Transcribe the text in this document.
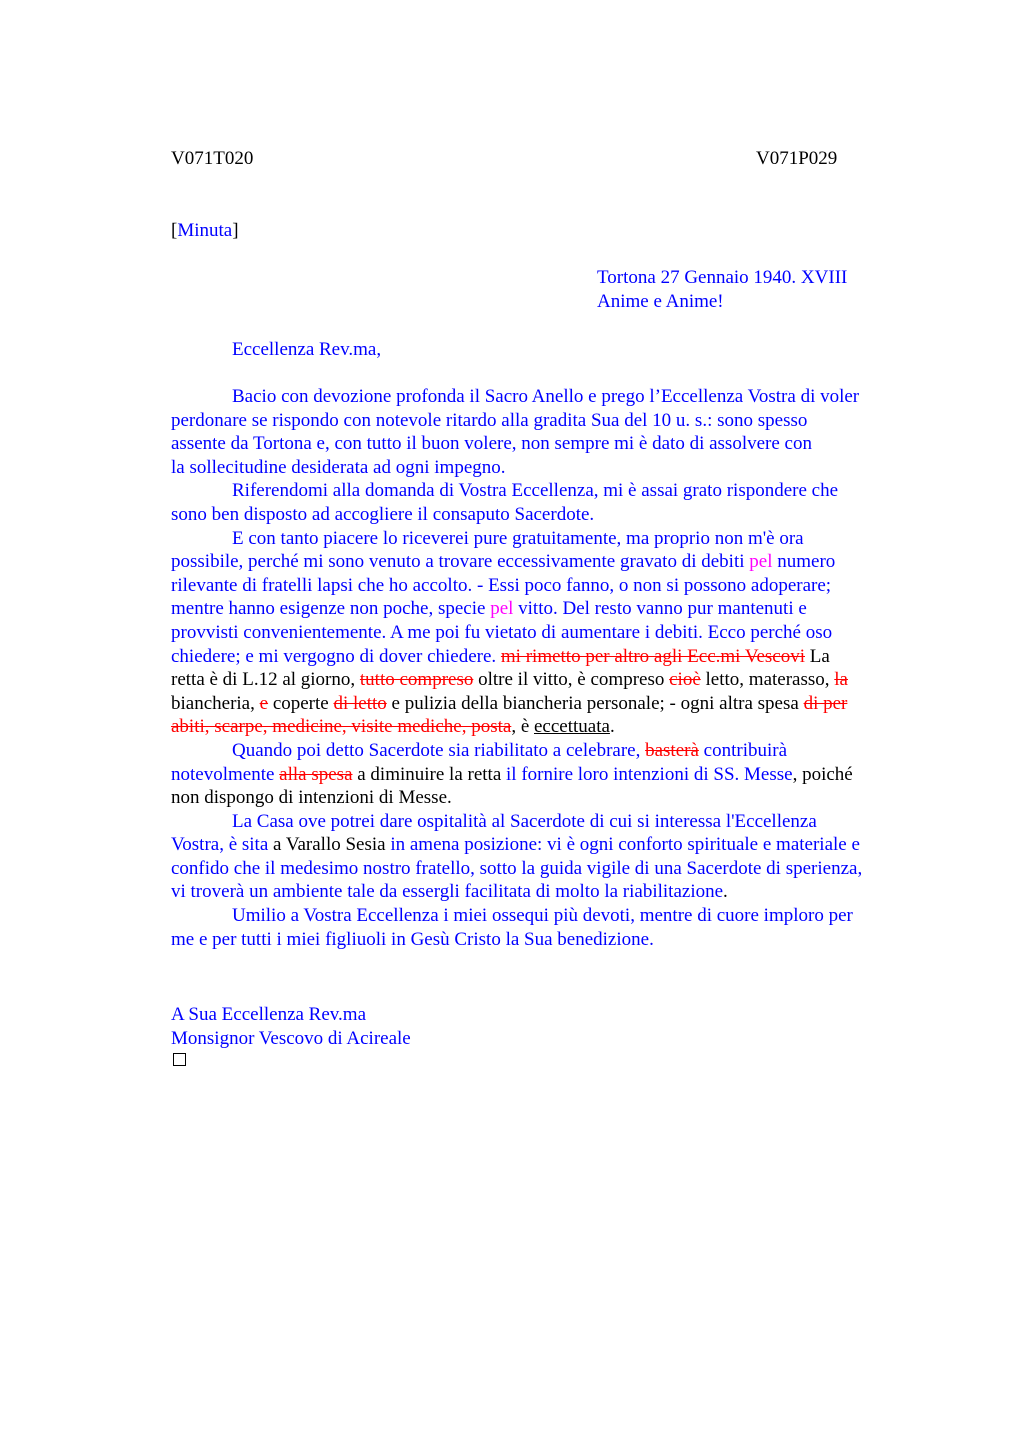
V071T020	V071P029
[Minuta]
Tortona 27 Gennaio 1940. XVIII
Anime e Anime!
Eccellenza Rev.ma,
Bacio con devozione profonda il Sacro Anello e prego l’Eccellenza Vostra di voler
perdonare se rispondo con notevole ritardo alla gradita Sua del 10 u. s.: sono spesso
assente da Tortona e, con tutto il buon volere, non sempre mi è dato di assolvere con
la sollecitudine desiderata ad ogni impegno.
Riferendomi alla domanda di Vostra Eccellenza, mi è assai grato rispondere che
sono ben disposto ad accogliere il consaputo Sacerdote.
E con tanto piacere lo riceverei pure gratuitamente, ma proprio non m'è ora
possibile, perché mi sono venuto a trovare eccessivamente gravato di debiti pel numero
rilevante di fratelli lapsi che ho accolto. - Essi poco fanno, o non si possono adoperare;
mentre hanno esigenze non poche, specie pel vitto. Del resto vanno pur mantenuti e
provvisti convenientemente. A me poi fu vietato di aumentare i debiti. Ecco perché oso
chiedere; e mi vergogno di dover chiedere. mi rimetto per altro agli Ecc.mi Vescovi La
retta è di L.12 al giorno, tutto compreso oltre il vitto, è compreso cioè letto, materasso, la
biancheria, e coperte di letto e pulizia della biancheria personale; - ogni altra spesa di per
abiti, scarpe, medicine, visite mediche, posta, è eccettuata.
Quando poi detto Sacerdote sia riabilitato a celebrare, basterà contribuirà
notevolmente alla spesa a diminuire la retta il fornire loro intenzioni di SS. Messe, poiché
non dispongo di intenzioni di Messe.
La Casa ove potrei dare ospitalità al Sacerdote di cui si interessa l'Eccellenza
Vostra, è sita a Varallo Sesia in amena posizione: vi è ogni conforto spirituale e materiale e
confido che il medesimo nostro fratello, sotto la guida vigile di una Sacerdote di sperienza,
vi troverà un ambiente tale da essergli facilitata di molto la riabilitazione.
Umilio a Vostra Eccellenza i miei ossequi più devoti, mentre di cuore imploro per
me e per tutti i miei figliuoli in Gesù Cristo la Sua benedizione.
A Sua Eccellenza Rev.ma
Monsignor Vescovo di Acireale
